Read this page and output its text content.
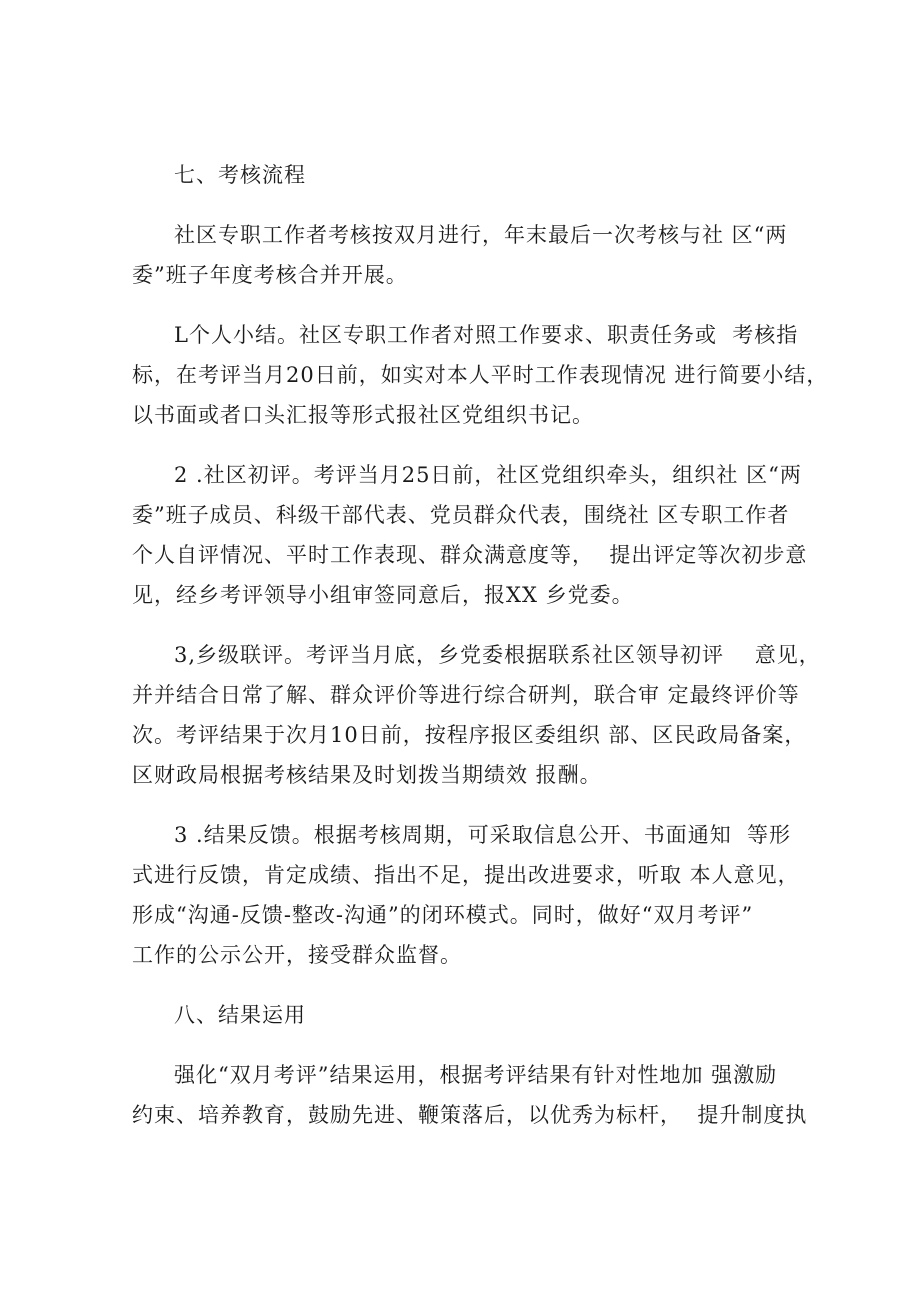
七、考核流程
社区专职工作者考核按双月进行，年末最后一次考核与社 区“两
委”班子年度考核合并开展。
L个人小结。社区专职工作者对照工作要求、职责任务或  考核指
标，在考评当月20日前，如实对本人平时工作表现情况 进行简要小结，
以书面或者口头汇报等形式报社区党组织书记。
2 .社区初评。考评当月25日前，社区党组织牵头，组织社 区“两
委”班子成员、科级干部代表、党员群众代表，围绕社 区专职工作者
个人自评情况、平时工作表现、群众满意度等，  提出评定等次初步意
见，经乡考评领导小组审签同意后，报XX 乡党委。
3,乡级联评。考评当月底，乡党委根据联系社区领导初评    意见，
并并结合日常了解、群众评价等进行综合研判，联合审 定最终评价等
次。考评结果于次月10日前，按程序报区委组织 部、区民政局备案，
区财政局根据考核结果及时划拨当期绩效 报酬。
3 .结果反馈。根据考核周期，可采取信息公开、书面通知  等形
式进行反馈，肯定成绩、指出不足，提出改进要求，听取 本人意见，
形成“沟通-反馈-整改-沟通”的闭环模式。同时，做好“双月考评”
工作的公示公开，接受群众监督。
八、结果运用
强化“双月考评”结果运用，根据考评结果有针对性地加 强激励
约束、培养教育，鼓励先进、鞭策落后，以优秀为标杆，  提升制度执
